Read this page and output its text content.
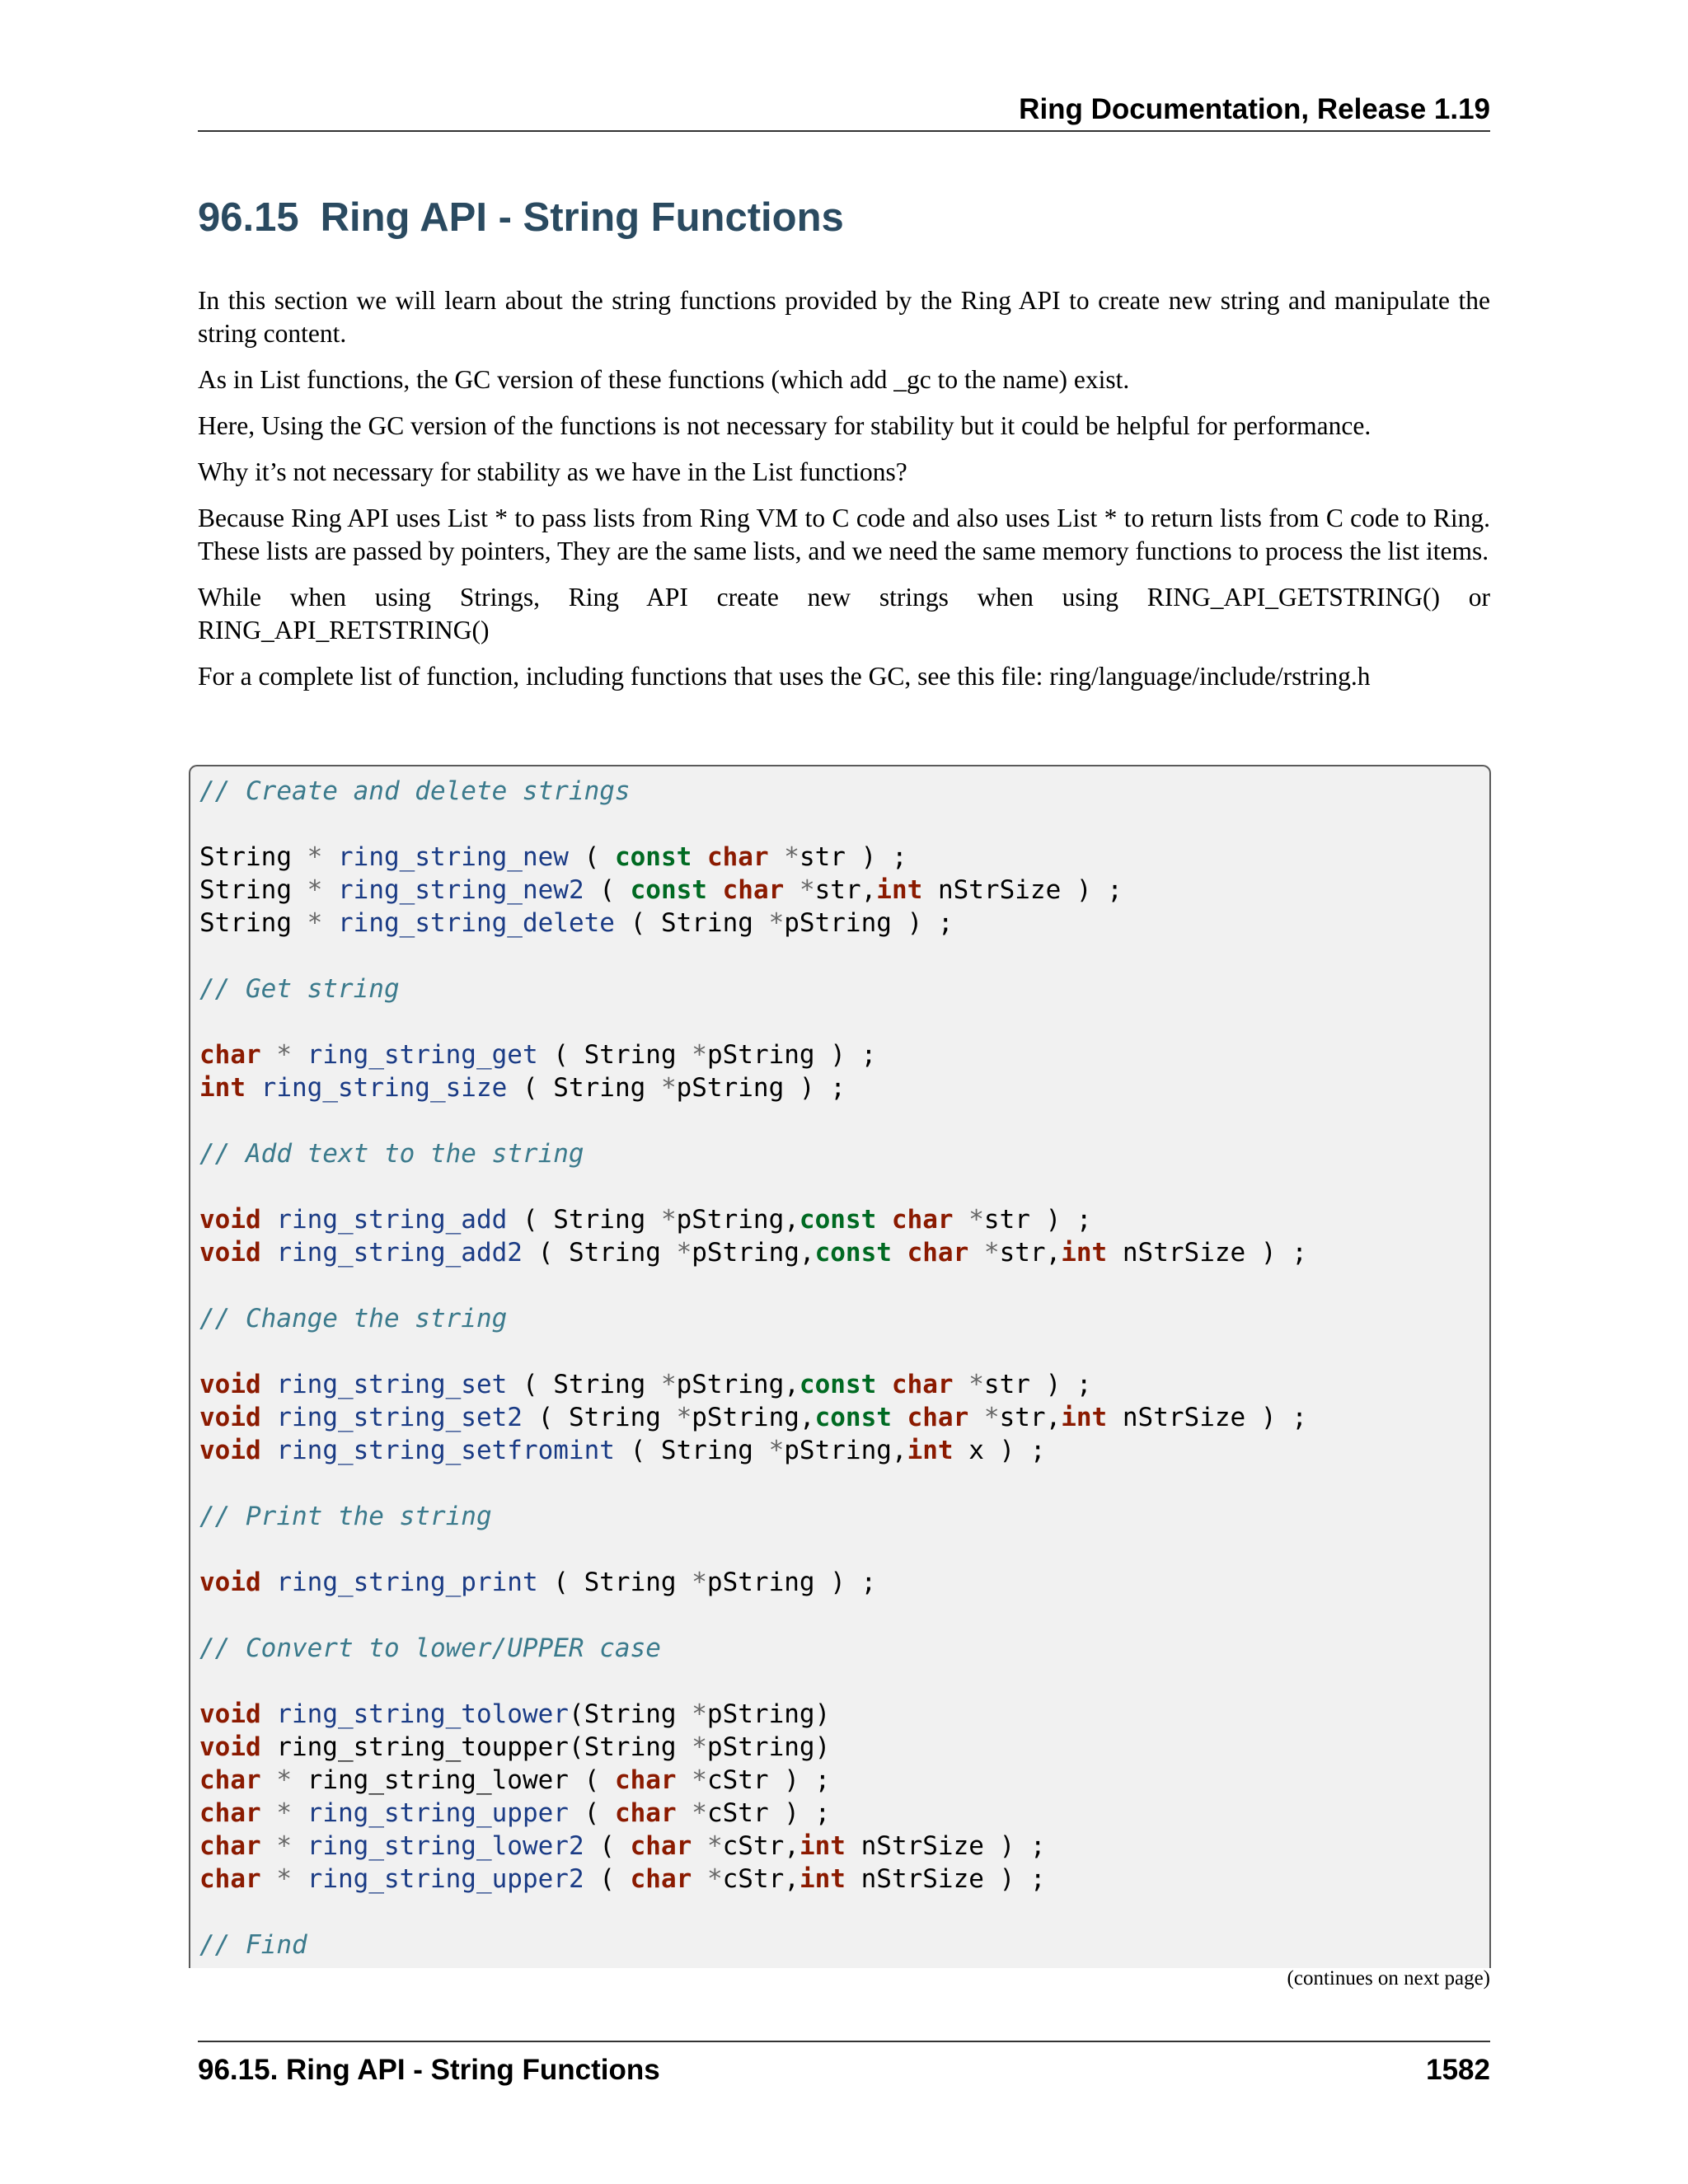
Ring Documentation, Release 1.19
96.15 Ring API - String Functions

In this section we will learn about the string functions provided by the Ring API to create new string and manipulate the string content.

As in List functions, the GC version of these functions (which add _gc to the name) exist.

Here, Using the GC version of the functions is not necessary for stability but it could be helpful for performance.

Why it’s not necessary for stability as we have in the List functions?

Because Ring API uses List * to pass lists from Ring VM to C code and also uses List * to return lists from C code to Ring. These lists are passed by pointers, They are the same lists, and we need the same memory functions to process the list items.

While when using Strings, Ring API create new strings when using RING_API_GETSTRING() or RING_API_RETSTRING()

For a complete list of function, including functions that uses the GC, see this file: ring/language/include/rstring.h

// Create and delete strings

String * ring_string_new ( const char *str ) ;
String * ring_string_new2 ( const char *str,int nStrSize ) ;
String * ring_string_delete ( String *pString ) ;

// Get string

char * ring_string_get ( String *pString ) ;
int ring_string_size ( String *pString ) ;

// Add text to the string

void ring_string_add ( String *pString,const char *str ) ;
void ring_string_add2 ( String *pString,const char *str,int nStrSize ) ;

// Change the string

void ring_string_set ( String *pString,const char *str ) ;
void ring_string_set2 ( String *pString,const char *str,int nStrSize ) ;
void ring_string_setfromint ( String *pString,int x ) ;

// Print the string

void ring_string_print ( String *pString ) ;

// Convert to lower/UPPER case

void ring_string_tolower(String *pString)
void ring_string_toupper(String *pString)
char * ring_string_lower ( char *cStr ) ;
char * ring_string_upper ( char *cStr ) ;
char * ring_string_lower2 ( char *cStr,int nStrSize ) ;
char * ring_string_upper2 ( char *cStr,int nStrSize ) ;

// Find
(continues on next page)
96.15. Ring API - String Functions	1582
